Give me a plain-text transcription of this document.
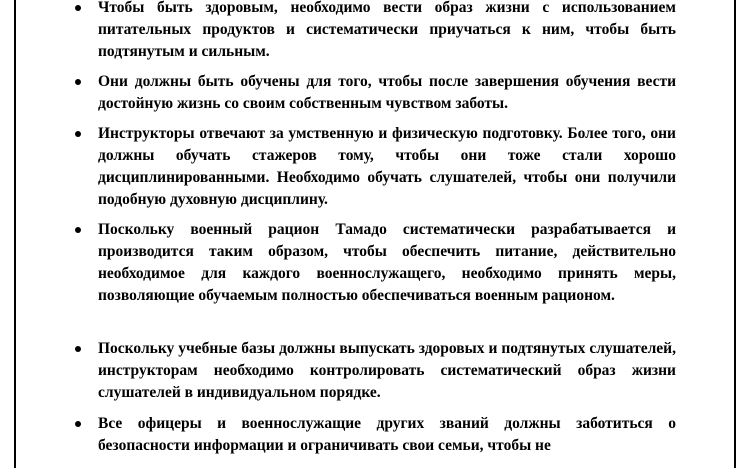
Чтобы быть здоровым, необходимо вести образ жизни с использованием питательных продуктов и систематически приучаться к ним, чтобы быть подтянутым и сильным.

Они должны быть обучены для того, чтобы после завершения обучения вести достойную жизнь со своим собственным чувством заботы.

Инструкторы отвечают за умственную и физическую подготовку. Более того, они должны обучать стажеров тому, чтобы они тоже стали хорошо дисциплинированными. Необходимо обучать слушателей, чтобы они получили подобную духовную дисциплину.

Поскольку военный рацион Тамадо систематически разрабатывается и производится таким образом, чтобы обеспечить питание, действительно необходимое для каждого военнослужащего, необходимо принять меры, позволяющие обучаемым полностью обеспечиваться военным рационом.

Поскольку учебные базы должны выпускать здоровых и подтянутых слушателей, инструкторам необходимо контролировать систематический образ жизни слушателей в индивидуальном порядке.

Все офицеры и военнослужащие других званий должны заботиться о безопасности информации и ограничивать свои семьи, чтобы не
